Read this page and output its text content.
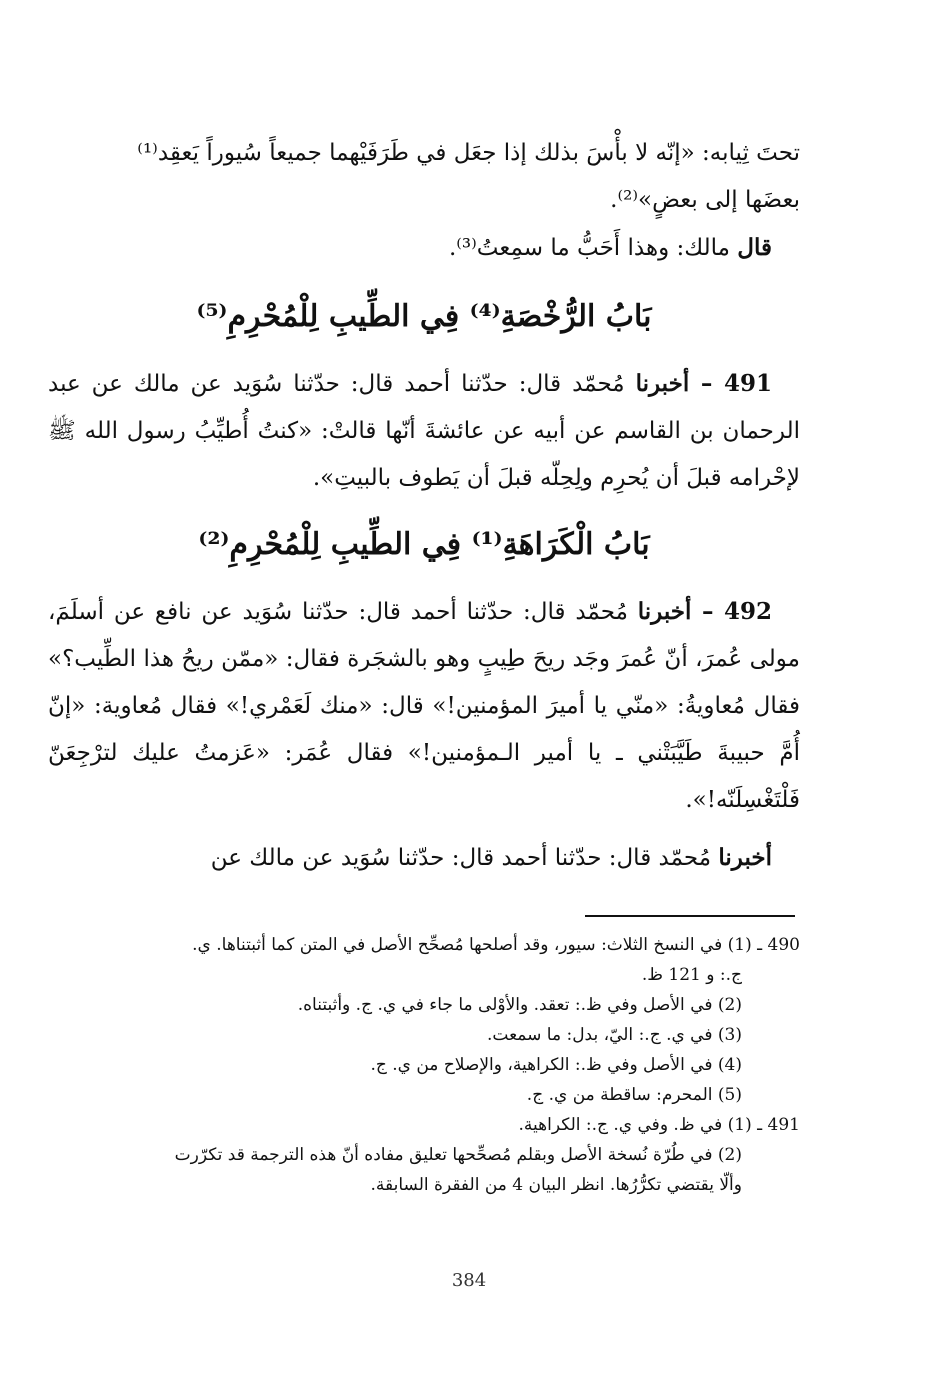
تحتَ ثِيابه: «إنّه لا بأْسَ بذلك إذا جعَل في طَرَفَيْهما جميعاً سُيوراً يَعقِد⁽¹⁾
بعضَها إلى بعضٍ»⁽²⁾.

قال مالك: وهذا أَحَبُّ ما سمِعتُ⁽³⁾.

بَابُ الرُّخْصَةِ⁽⁴⁾ فِي الطِّيبِ لِلْمُحْرِمِ⁽⁵⁾

491 – أخبرنا مُحمّد قال: حدّثنا أحمد قال: حدّثنا سُوَيد عن مالك عن عبد الرحمان بن القاسم عن أبيه عن عائشةَ أنّها قالتْ: «كنتُ أُطيِّبُ رسول الله ﷺ لإحْرامه قبلَ أن يُحرِم ولِحِلّه قبلَ أن يَطوف بالبيتِ».

بَابُ الْكَرَاهَةِ⁽¹⁾ فِي الطِّيبِ لِلْمُحْرِمِ⁽²⁾

492 – أخبرنا مُحمّد قال: حدّثنا أحمد قال: حدّثنا سُوَيد عن نافع عن أسلَمَ، مولى عُمرَ، أنّ عُمرَ وجَد ريحَ طِيبٍ وهو بالشجَرة فقال: «ممّن ريحُ هذا الطِّيب؟» فقال مُعاويةُ: «منّي يا أميرَ المؤمنين!» قال: «منك لَعَمْري!» فقال مُعاوية: «إنّ أُمَّ حبيبةَ طَيَّبَتْني ـ يا أمير الـمؤمنين!» فقال عُمَر: «عَزمتُ عليك لترْجِعَنّ فَلْتَغْسِلَنّه!».

أخبرنا مُحمّد قال: حدّثنا أحمد قال: حدّثنا سُوَيد عن مالك عن

490 ـ (1) في النسخ الثلاث: سيور، وقد أصلحها مُصحِّح الأصل في المتن كما أثبتناها. ي.

ج.: و 121 ظ.

(2) في الأصل وفي ظ.: تعقد. والأوْلى ما جاء في ي. ج. وأثبتناه.

(3) في ي. ج.: اليّ، بدل: ما سمعت.

(4) في الأصل وفي ظ.: الكراهية، والإصلاح من ي. ج.

(5) المحرم: ساقطة من ي. ج.

491 ـ (1) في ظ. وفي ي. ج.: الكراهية.

(2) في طُرّة نُسخة الأصل وبقلم مُصحِّحها تعليق مفاده أنّ هذه الترجمة قد تكرّرت

وألّا يقتضي تكرُّرُها. انظر البيان 4 من الفقرة السابقة.

384
